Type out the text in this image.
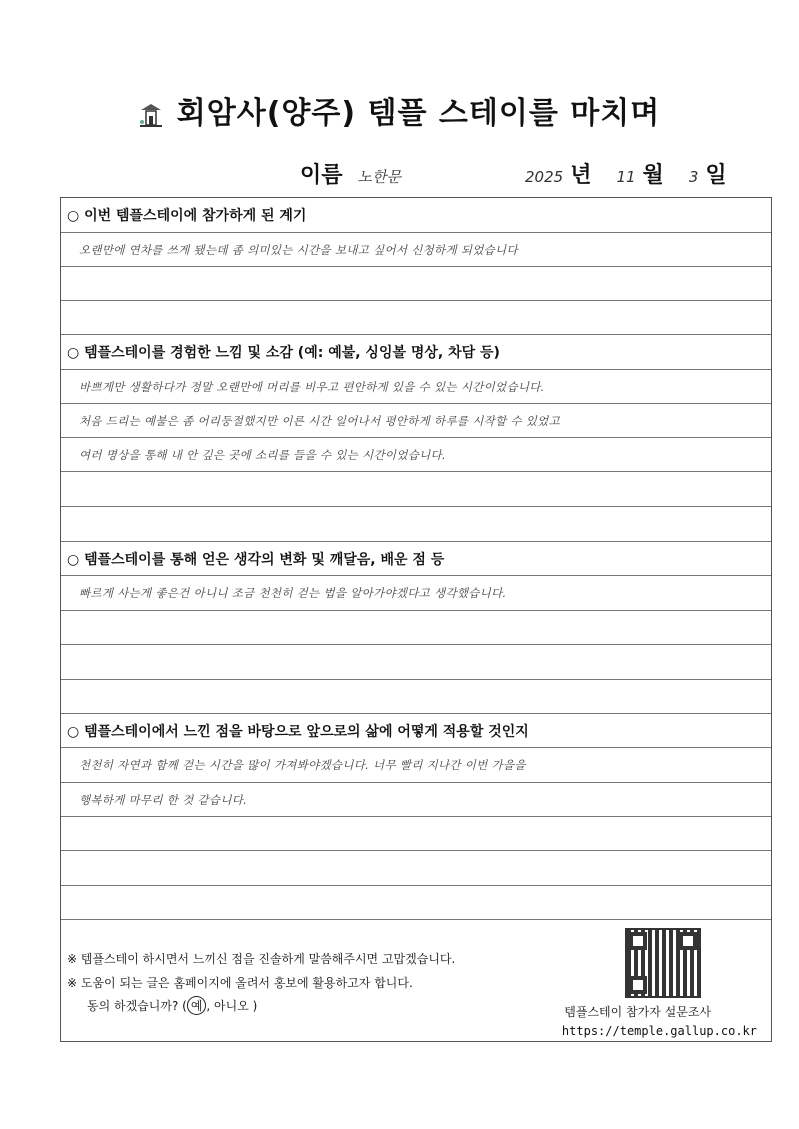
회암사(양주) 템플 스테이를 마치며
이름 노한문	2025 년 11 월 3 일
○ 이번 템플스테이에 참가하게 된 계기
오랜만에 연차를 쓰게 됐는데 좀 의미있는 시간을 보내고 싶어서 신청하게 되었습니다
○ 템플스테이를 경험한 느낌 및 소감 (예: 예불, 싱잉볼 명상, 차담 등)
바쁘게만 생활하다가 정말 오랜만에 머리를 비우고 편안하게 있을 수 있는 시간이었습니다.
처음 드리는 예불은 좀 어리둥절했지만 이른 시간 일어나서 평안하게 하루를 시작할 수 있었고
여러 명상을 통해 내 안 깊은 곳에 소리를 들을 수 있는 시간이었습니다.
○ 템플스테이를 통해 얻은 생각의 변화 및 깨달음, 배운 점 등
빠르게 사는게 좋은건 아니니 조금 천천히 걷는 법을 알아가야겠다고 생각했습니다.
○ 템플스테이에서 느낀 점을 바탕으로 앞으로의 삶에 어떻게 적용할 것인지
천천히 자연과 함께 걷는 시간을 많이 가져봐야겠습니다. 너무 빨리 지나간 이번 가을을
행복하게 마무리 한 것 같습니다.
※ 템플스테이 하시면서 느끼신 점을 진솔하게 말씀해주시면 고맙겠습니다.
※ 도움이 되는 글은 홈페이지에 올려서 홍보에 활용하고자 합니다.
동의 하겠습니까? ( 예 , 아니오 )	템플스테이 참가자 설문조사
https://temple.gallup.co.kr
